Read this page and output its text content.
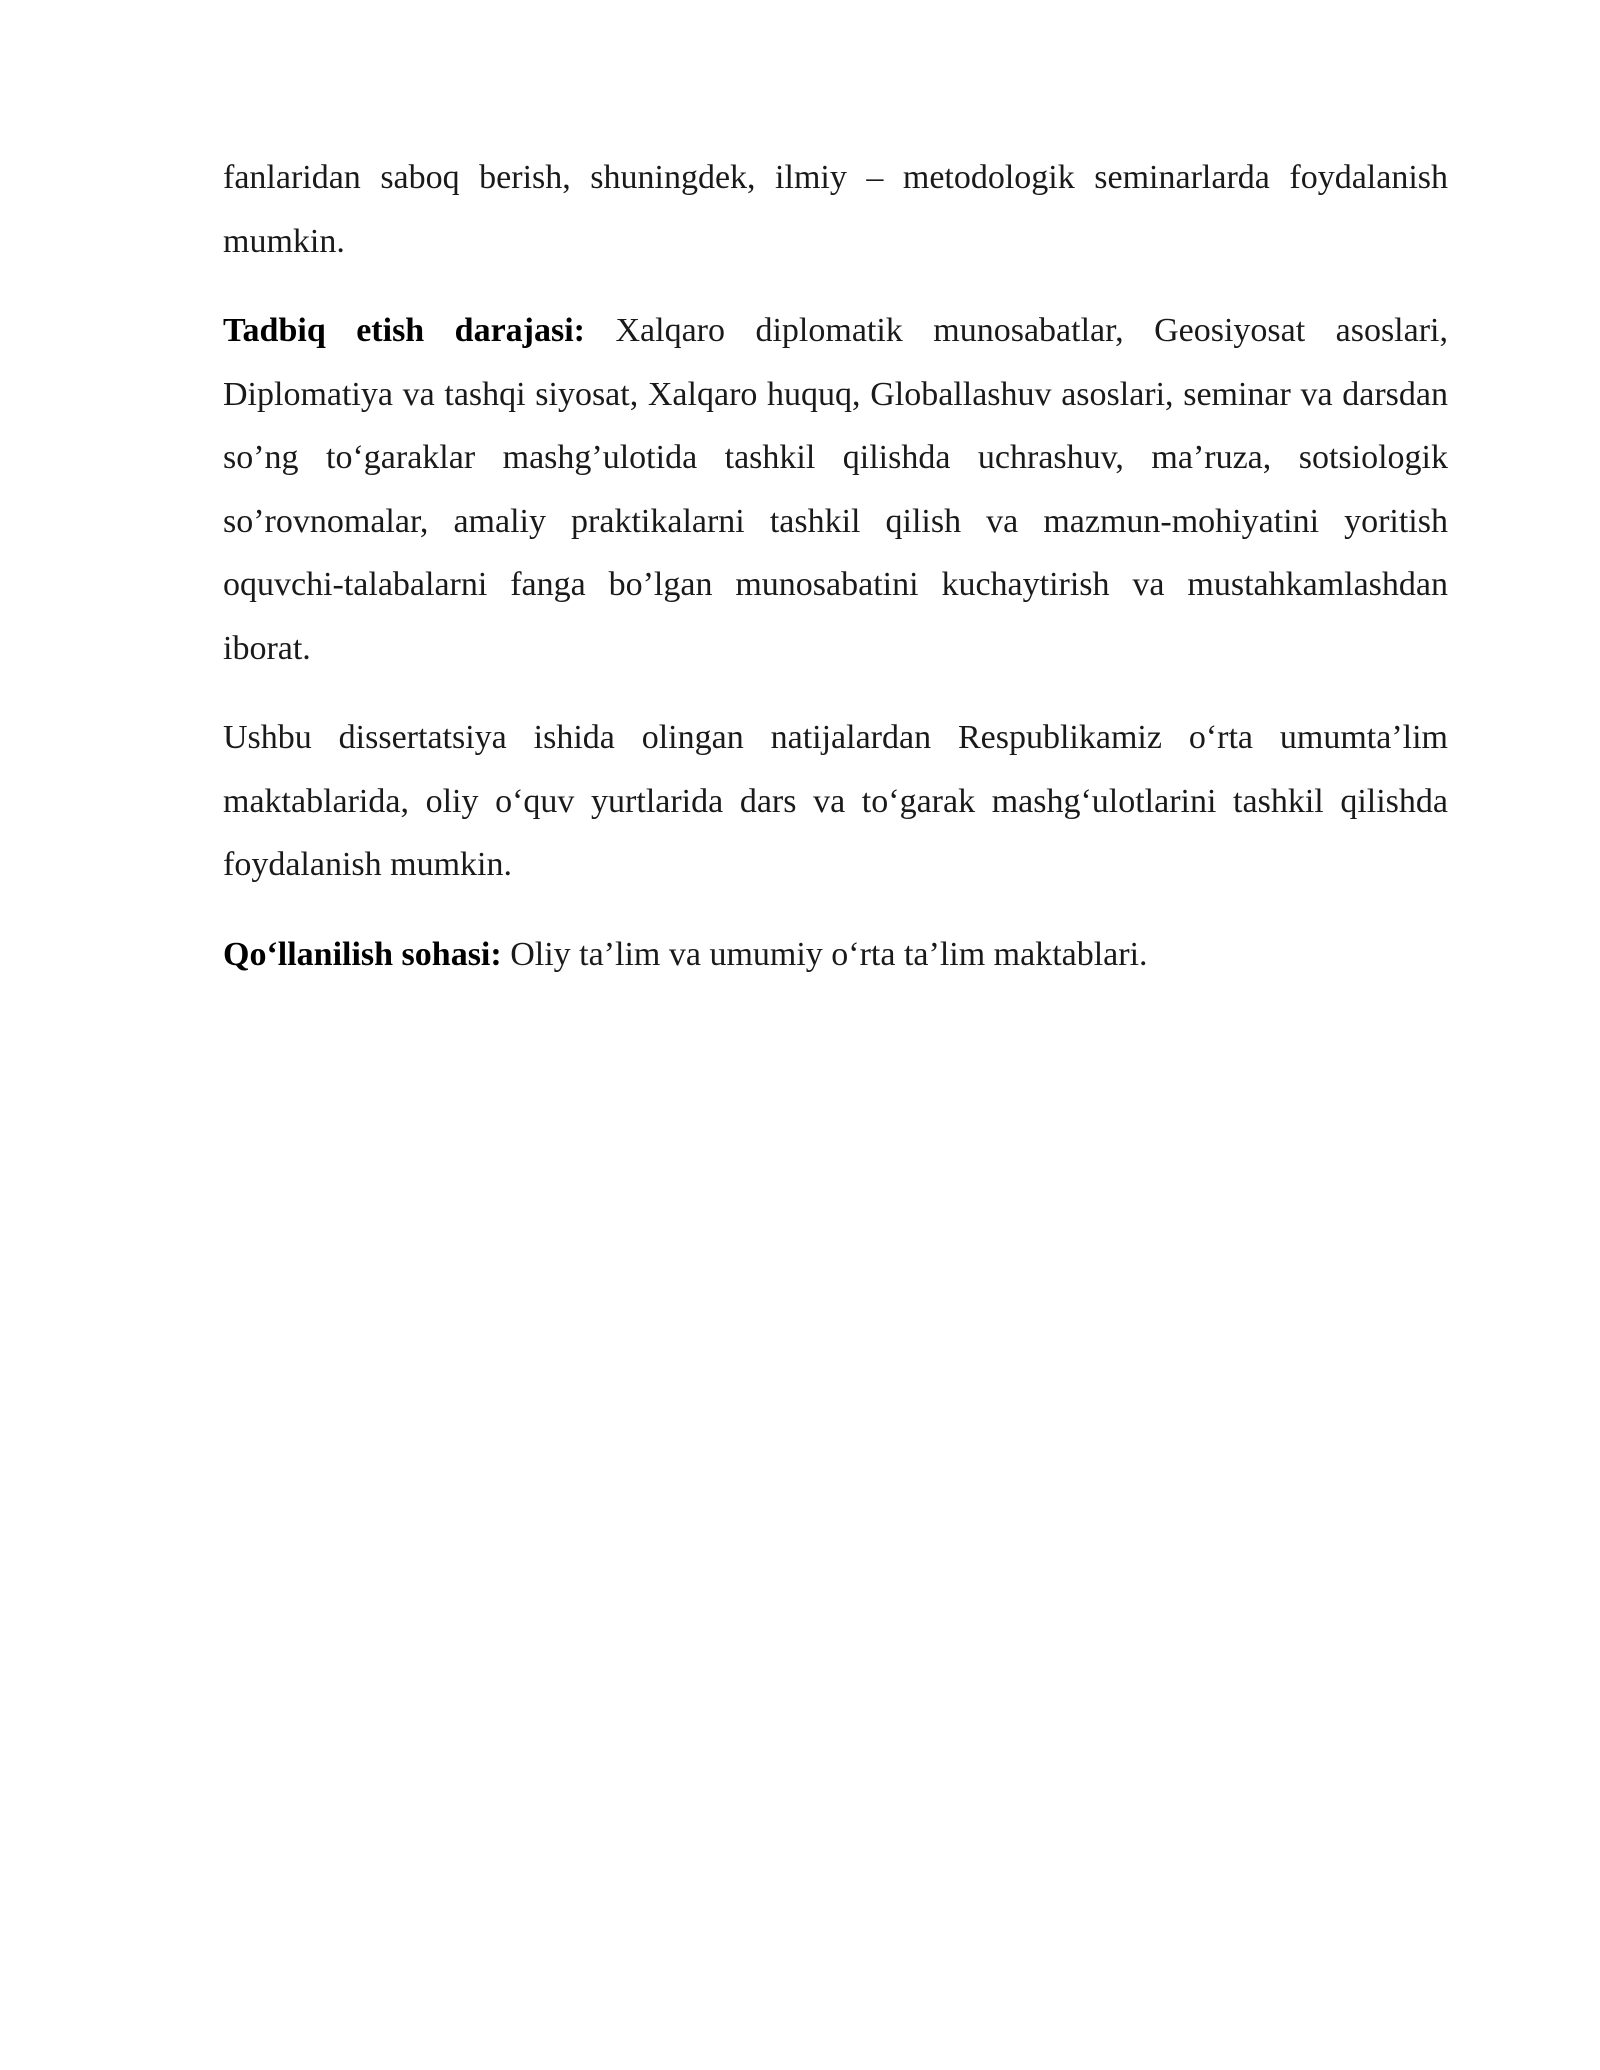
fanlaridan saboq berish, shuningdek, ilmiy – metodologik seminarlarda foydalanish mumkin.

Tadbiq etish darajasi: Xalqaro diplomatik munosabatlar, Geosiyosat asoslari, Diplomatiya va tashqi siyosat, Xalqaro huquq, Globallashuv asoslari, seminar va darsdan so’ng to‘garaklar mashg’ulotida tashkil qilishda uchrashuv, ma’ruza, sotsiologik so’rovnomalar, amaliy praktikalarni tashkil qilish va mazmun-mohiyatini yoritish oquvchi-talabalarni fanga bo’lgan munosabatini kuchaytirish va mustahkamlashdan iborat.

Ushbu dissertatsiya ishida olingan natijalardan Respublikamiz o‘rta umumta’lim maktablarida, oliy o‘quv yurtlarida dars va to‘garak mashg‘ulotlarini tashkil qilishda foydalanish mumkin.

Qo‘llanilish sohasi: Oliy ta’lim va umumiy o‘rta ta’lim maktablari.
